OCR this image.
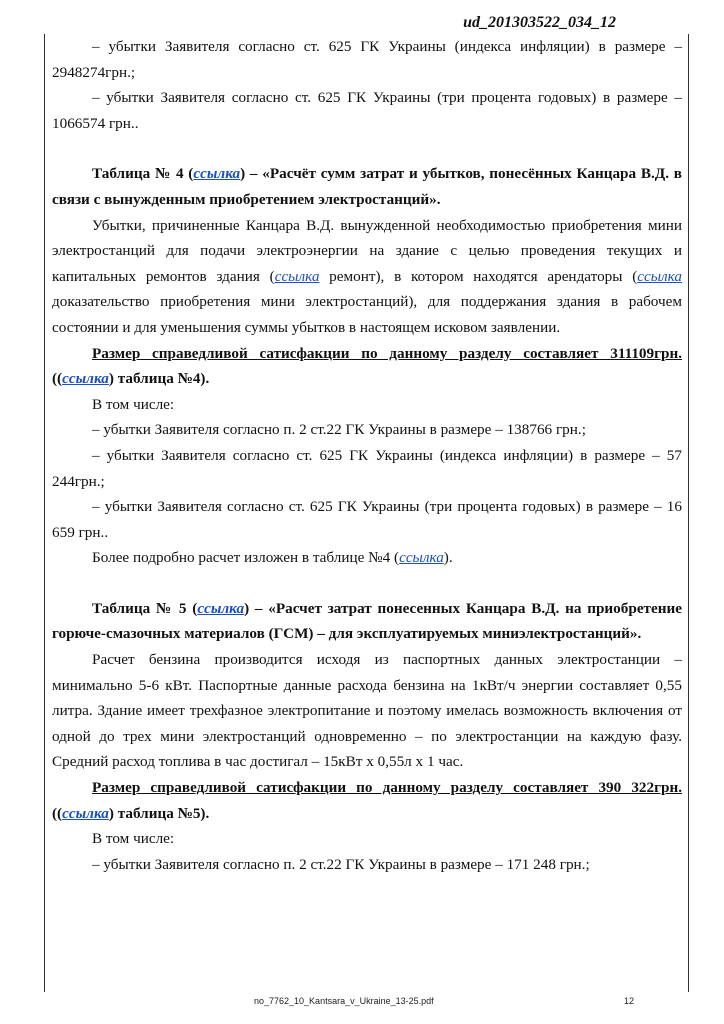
ud_201303522_034_12

– убытки Заявителя согласно ст. 625 ГК Украины (индекса инфляции) в размере – 2948274грн.;

– убытки Заявителя согласно ст. 625 ГК Украины (три процента годовых) в размере – 1066574 грн..

Таблица № 4 (ссылка) – «Расчёт сумм затрат и убытков, понесённых Канцара В.Д. в связи с вынужденным приобретением электростанций».

Убытки, причиненные Канцара В.Д. вынужденной необходимостью приобретения мини электростанций для подачи электроэнергии на здание с целью проведения текущих и капитальных ремонтов здания (ссылка ремонт), в котором находятся арендаторы (ссылка доказательство приобретения мини электростанций), для поддержания здания в рабочем состоянии и для уменьшения суммы убытков в настоящем исковом заявлении.

Размер справедливой сатисфакции по данному разделу составляет 311109грн. ((ссылка) таблица №4).

В том числе:

– убытки Заявителя согласно п. 2 ст.22 ГК Украины в размере – 138766 грн.;

– убытки Заявителя согласно ст. 625 ГК Украины (индекса инфляции) в размере – 57 244грн.;

– убытки Заявителя согласно ст. 625 ГК Украины (три процента годовых) в размере – 16 659 грн..

Более подробно расчет изложен в таблице №4 (ссылка).

Таблица № 5 (ссылка) – «Расчет затрат понесенных Канцара В.Д. на приобретение горюче-смазочных материалов (ГСМ) – для эксплуатируемых миниэлектростанций».

Расчет бензина производится исходя из паспортных данных электростанции – минимально 5-6 кВт. Паспортные данные расхода бензина на 1кВт/ч энергии составляет 0,55 литра. Здание имеет трехфазное электропитание и поэтому имелась возможность включения от одной до трех мини электростанций одновременно – по электростанции на каждую фазу. Средний расход топлива в час достигал – 15кВт х 0,55л х 1 час.

Размер справедливой сатисфакции по данному разделу составляет 390 322грн. ((ссылка) таблица №5).

В том числе:

– убытки Заявителя согласно п. 2 ст.22 ГК Украины в размере – 171 248 грн.;

no_7762_10_Kantsara_v_Ukraine_13-25.pdf	12
